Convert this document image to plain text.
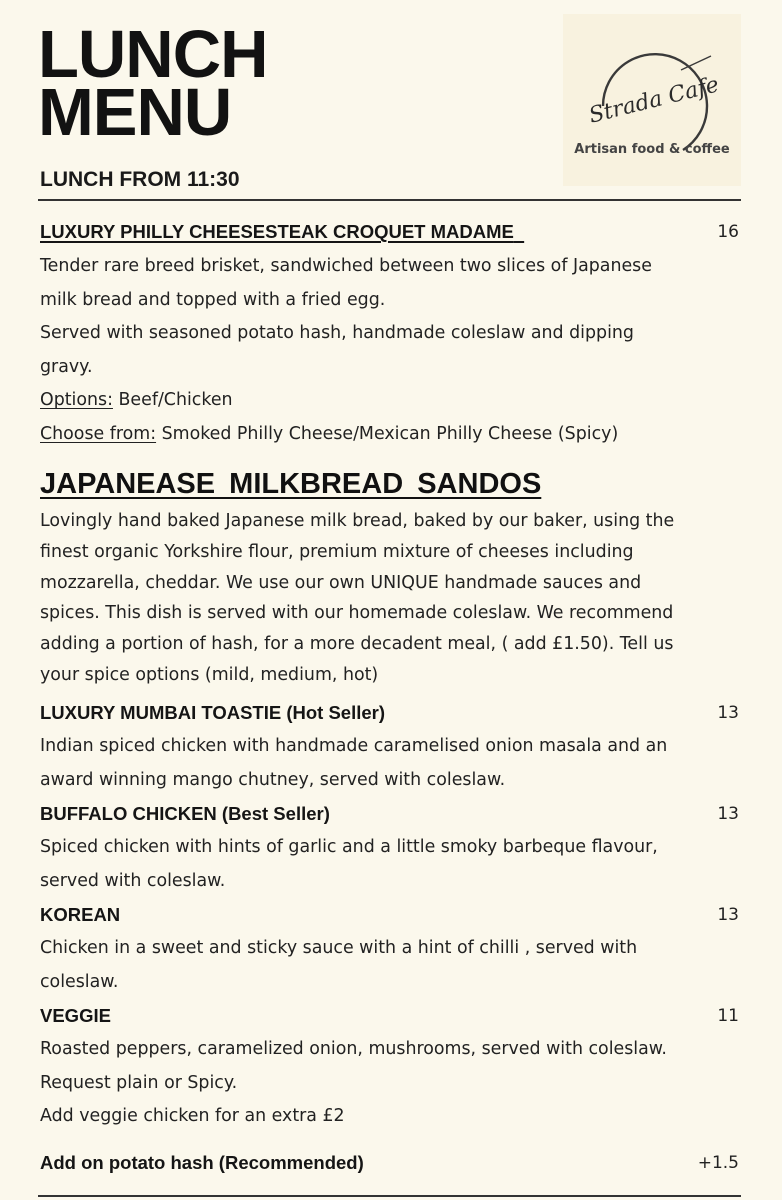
LUNCH
MENU
LUNCH FROM 11:30
Strada Cafe
Artisan food & coffee
LUXURY PHILLY CHEESESTEAK CROQUET MADAME	16

Tender rare breed brisket, sandwiched between two slices of Japanese

milk bread and topped with a fried egg.

Served with seasoned potato hash, handmade coleslaw and dipping

gravy.

Options: Beef/Chicken

Choose from: Smoked Philly Cheese/Mexican Philly Cheese (Spicy)

JAPANEASE MILKBREAD SANDOS
Lovingly hand baked Japanese milk bread, baked by our baker, using the
finest organic Yorkshire flour, premium mixture of cheeses including
mozzarella, cheddar. We use our own UNIQUE handmade sauces and
spices. This dish is served with our homemade coleslaw. We recommend
adding a portion of hash, for a more decadent meal, ( add £1.50). Tell us
your spice options (mild, medium, hot)
LUXURY MUMBAI TOASTIE (Hot Seller)	13

Indian spiced chicken with handmade caramelised onion masala and an

award winning mango chutney, served with coleslaw.

BUFFALO CHICKEN (Best Seller)	13

Spiced chicken with hints of garlic and a little smoky barbeque flavour,

served with coleslaw.

KOREAN	13

Chicken in a sweet and sticky sauce with a hint of chilli , served with

coleslaw.

VEGGIE	11

Roasted peppers, caramelized onion, mushrooms, served with coleslaw.

Request plain or Spicy.

Add veggie chicken for an extra £2

Add on potato hash (Recommended)	+1.5
